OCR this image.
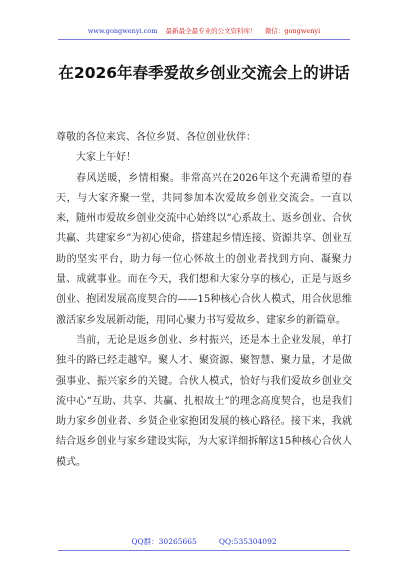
www.gongwenyi.com 最新最全最专业的公文资料库！ 微信：gongwenyi
在2026年春季爱故乡创业交流会上的讲话

尊敬的各位来宾、各位乡贤、各位创业伙伴：

大家上午好！

春风送暖，乡情相聚。非常高兴在2026年这个充满希望的春天，与大家齐聚一堂，共同参加本次爱故乡创业交流会。一直以来，随州市爱故乡创业交流中心始终以“心系故土、返乡创业、合伙共赢、共建家乡”为初心使命，搭建起乡情连接、资源共享、创业互助的坚实平台，助力每一位心怀故土的创业者找到方向、凝聚力量、成就事业。而在今天，我们想和大家分享的核心，正是与返乡创业、抱团发展高度契合的——15种核心合伙人模式，用合伙思维激活家乡发展新动能，用同心聚力书写爱故乡、建家乡的新篇章。

当前，无论是返乡创业、乡村振兴，还是本土企业发展，单打独斗的路已经走越窄。聚人才、聚资源、聚智慧、聚力量，才是做强事业、振兴家乡的关键。合伙人模式，恰好与我们爱故乡创业交流中心“互助、共享、共赢、扎根故土”的理念高度契合，也是我们助力家乡创业者、乡贤企业家抱团发展的核心路径。接下来，我就结合返乡创业与家乡建设实际，为大家详细拆解这15种核心合伙人模式。

QQ群：30265665	QQ:535304092
